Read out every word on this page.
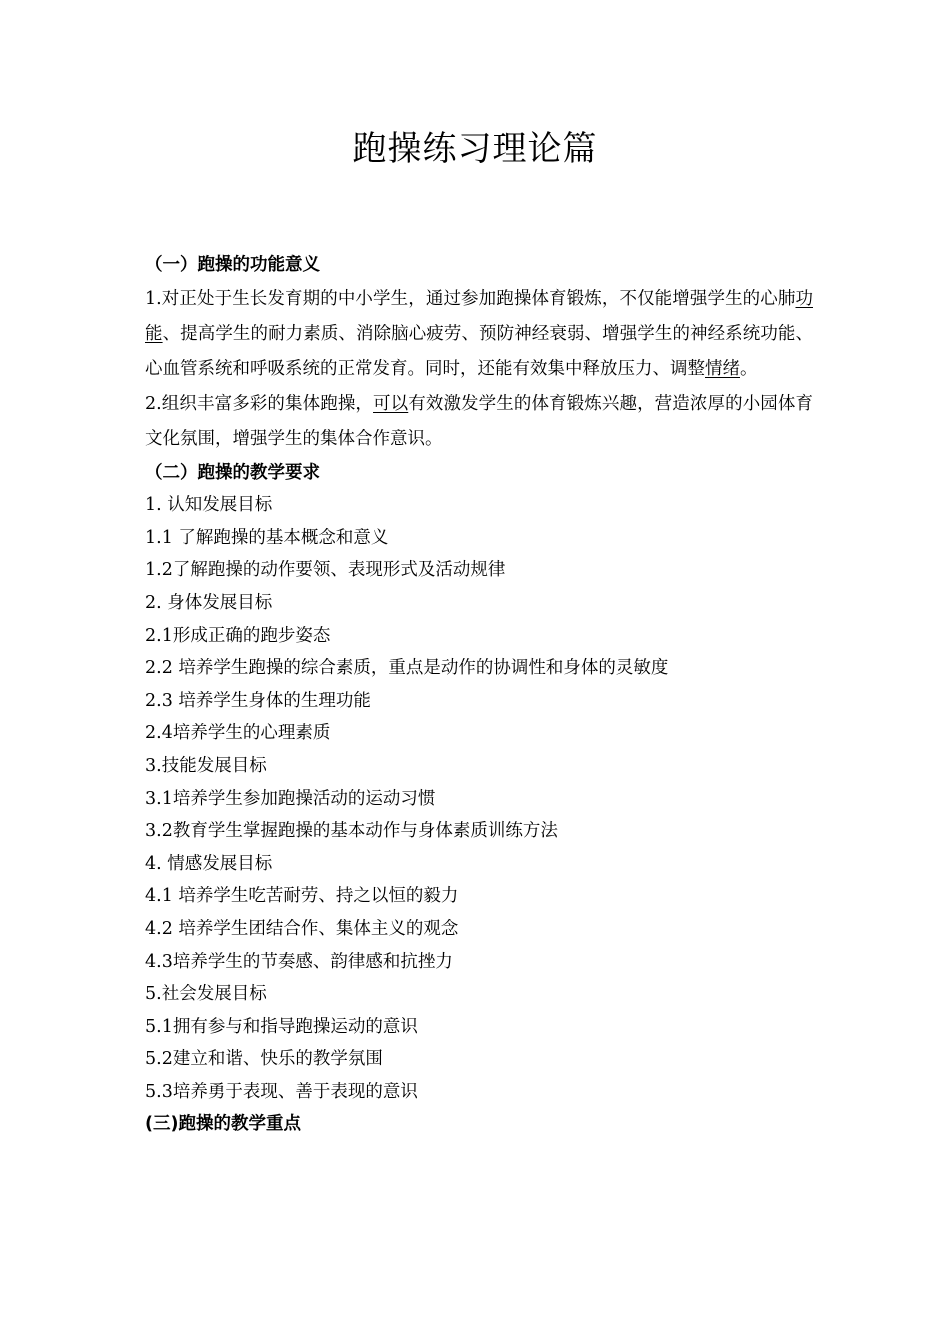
跑操练习理论篇
（一）跑操的功能意义
1.对正处于生长发育期的中小学生，通过参加跑操体育锻炼，不仅能增强学生的心肺功能、提高学生的耐力素质、消除脑心疲劳、预防神经衰弱、增强学生的神经系统功能、心血管系统和呼吸系统的正常发育。同时，还能有效集中释放压力、调整情绪。
2.组织丰富多彩的集体跑操，可以有效激发学生的体育锻炼兴趣，营造浓厚的小园体育文化氛围，增强学生的集体合作意识。
（二）跑操的教学要求
1. 认知发展目标
1.1 了解跑操的基本概念和意义
1.2了解跑操的动作要领、表现形式及活动规律
2. 身体发展目标
2.1形成正确的跑步姿态
2.2 培养学生跑操的综合素质，重点是动作的协调性和身体的灵敏度
2.3 培养学生身体的生理功能
2.4培养学生的心理素质
3.技能发展目标
3.1培养学生参加跑操活动的运动习惯
3.2教育学生掌握跑操的基本动作与身体素质训练方法
4. 情感发展目标
4.1 培养学生吃苦耐劳、持之以恒的毅力
4.2 培养学生团结合作、集体主义的观念
4.3培养学生的节奏感、韵律感和抗挫力
5.社会发展目标
5.1拥有参与和指导跑操运动的意识
5.2建立和谐、快乐的教学氛围
5.3培养勇于表现、善于表现的意识
(三)跑操的教学重点
